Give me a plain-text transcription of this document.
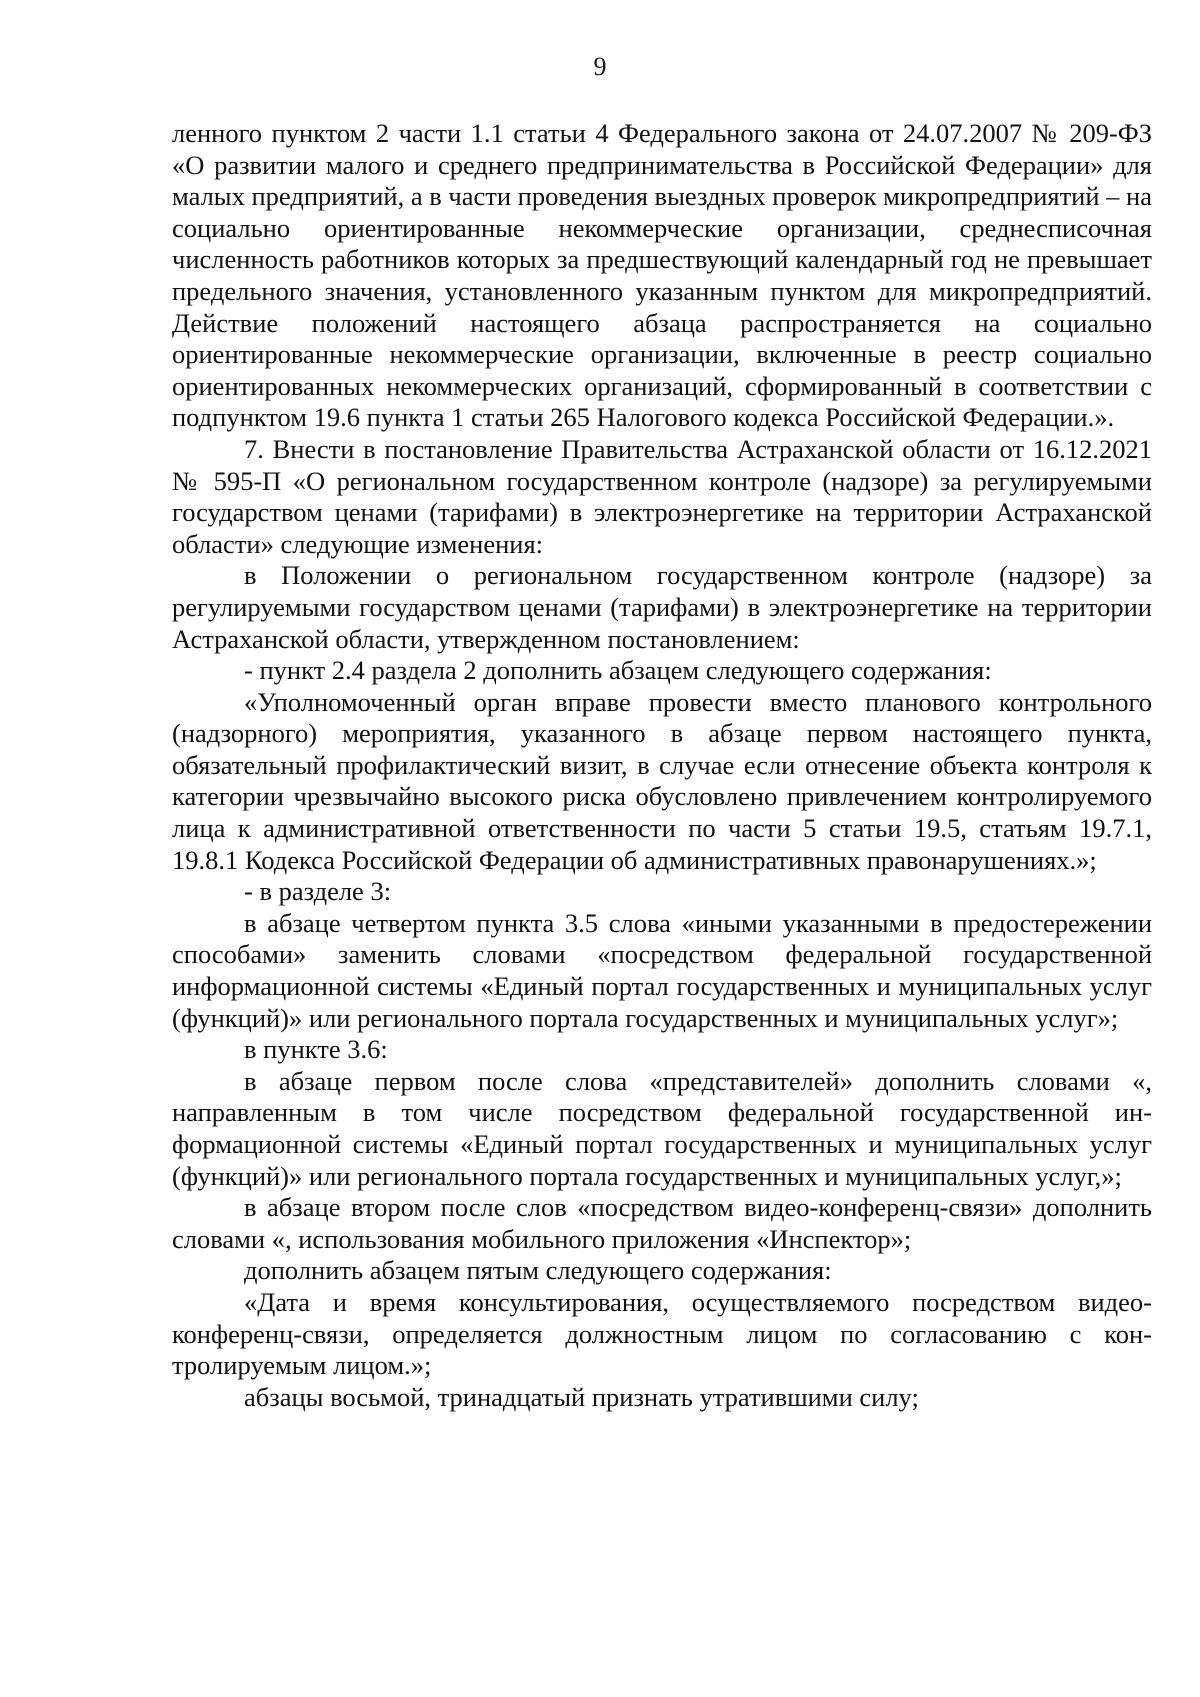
9

ленного пунктом 2 части 1.1 статьи 4 Федерального закона от 24.07.2007 № 209-ФЗ «О развитии малого и среднего предпринимательства в Российской Федерации» для малых предприятий, а в части проведения выездных проверок микропредприятий – на социально ориентированные некоммерческие организации, среднесписочная численность работников которых за предшествующий календарный год не превышает предельного значения, установленного указанным пунктом для микропредприятий. Действие положений настоящего абзаца распространяется на социально ориентированные некоммерческие организации, включенные в реестр социально ориентированных некоммерческих организаций, сформированный в соответствии с подпунктом 19.6 пункта 1 статьи 265 Налогового кодекса Российской Федерации.».

7. Внести в постановление Правительства Астраханской области от 16.12.2021 № 595-П «О региональном государственном контроле (надзоре) за регулируемыми государством ценами (тарифами) в электроэнергетике на территории Астраханской области» следующие изменения:

в Положении о региональном государственном контроле (надзоре) за регулируемыми государством ценами (тарифами) в электроэнергетике на территории Астраханской области, утвержденном постановлением:

- пункт 2.4 раздела 2 дополнить абзацем следующего содержания:

«Уполномоченный орган вправе провести вместо планового контрольного (надзорного) мероприятия, указанного в абзаце первом настоящего пункта, обязательный профилактический визит, в случае если отнесение объекта контроля к категории чрезвычайно высокого риска обусловлено привлечением контролируемого лица к административной ответственности по части 5 статьи 19.5, статьям 19.7.1, 19.8.1 Кодекса Российской Федерации об административных правонарушениях.»;

- в разделе 3:

в абзаце четвертом пункта 3.5 слова «иными указанными в предостережении способами» заменить словами «посредством федеральной государственной информационной системы «Единый портал государственных и муниципальных услуг (функций)» или регионального портала государственных и муниципальных услуг»;

в пункте 3.6:

в абзаце первом после слова «представителей» дополнить словами «, направленным в том числе посредством федеральной государственной информационной системы «Единый портал государственных и муниципальных услуг (функций)» или регионального портала государственных и муниципальных услуг,»;

в абзаце втором после слов «посредством видео-конференц-связи» дополнить словами «, использования мобильного приложения «Инспектор»;

дополнить абзацем пятым следующего содержания:

«Дата и время консультирования, осуществляемого посредством видеоконференц-связи, определяется должностным лицом по согласованию с контролируемым лицом.»;

абзацы восьмой, тринадцатый признать утратившими силу;
